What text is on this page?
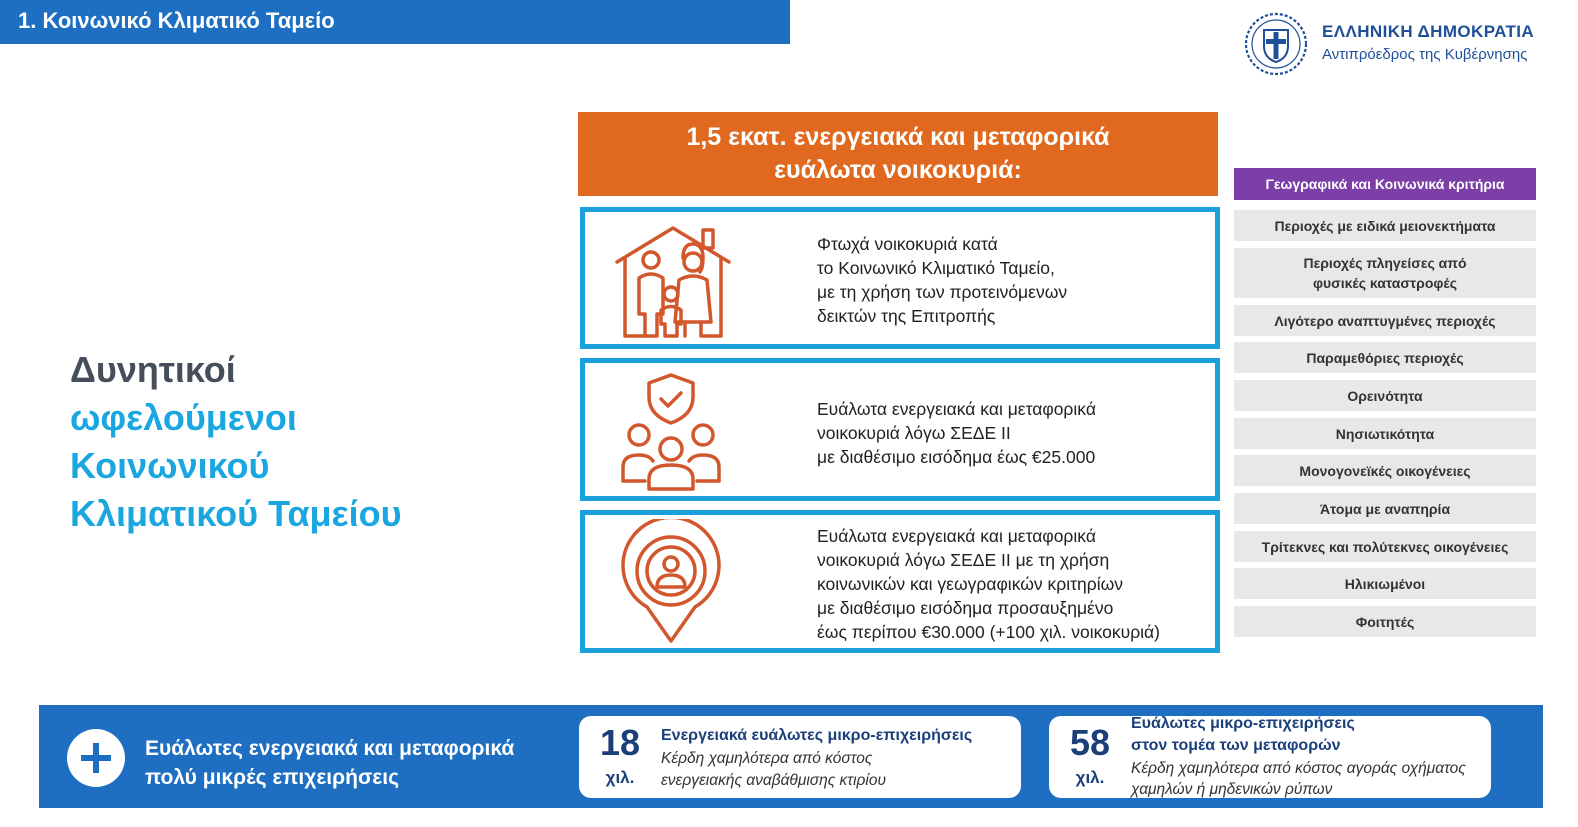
1. Κοινωνικό Κλιματικό Ταμείο	ΕΛΛΗΝΙΚΗ ΔΗΜΟΚΡΑΤΙΑ
Αντιπρόεδρος της Κυβέρνησης
Δυνητικοί
ωφελούμενοι
Κοινωνικού
Κλιματικού Ταμείου
1,5 εκατ. ενεργειακά και μεταφορικά
ευάλωτα νοικοκυριά:
Φτωχά νοικοκυριά κατά
το Κοινωνικό Κλιματικό Ταμείο,
με τη χρήση των προτεινόμενων
δεικτών της Επιτροπής
Ευάλωτα ενεργειακά και μεταφορικά
νοικοκυριά λόγω ΣΕΔΕ ΙΙ
με διαθέσιμο εισόδημα έως €25.000
Ευάλωτα ενεργειακά και μεταφορικά
νοικοκυριά λόγω ΣΕΔΕ ΙΙ με τη χρήση
κοινωνικών και γεωγραφικών κριτηρίων
με διαθέσιμο εισόδημα προσαυξημένο
έως περίπου €30.000 (+100 χιλ. νοικοκυριά)
Γεωγραφικά και Κοινωνικά κριτήρια
Περιοχές με ειδικά μειονεκτήματα
Περιοχές πληγείσες από
φυσικές καταστροφές
Λιγότερο αναπτυγμένες περιοχές
Παραμεθόριες περιοχές
Ορεινότητα
Νησιωτικότητα
Μονογονεϊκές οικογένειες
Άτομα με αναπηρία
Τρίτεκνες και πολύτεκνες οικογένειες
Ηλικιωμένοι
Φοιτητές
Ευάλωτες ενεργειακά και μεταφορικά
πολύ μικρές επιχειρήσεις
18
χιλ.
Ενεργειακά ευάλωτες μικρο-επιχειρήσεις
Κέρδη χαμηλότερα από κόστος
ενεργειακής αναβάθμισης κτιρίου
58
χιλ.
Ευάλωτες μικρο-επιχειρήσεις
στον τομέα των μεταφορών
Κέρδη χαμηλότερα από κόστος αγοράς οχήματος
χαμηλών ή μηδενικών ρύπων
